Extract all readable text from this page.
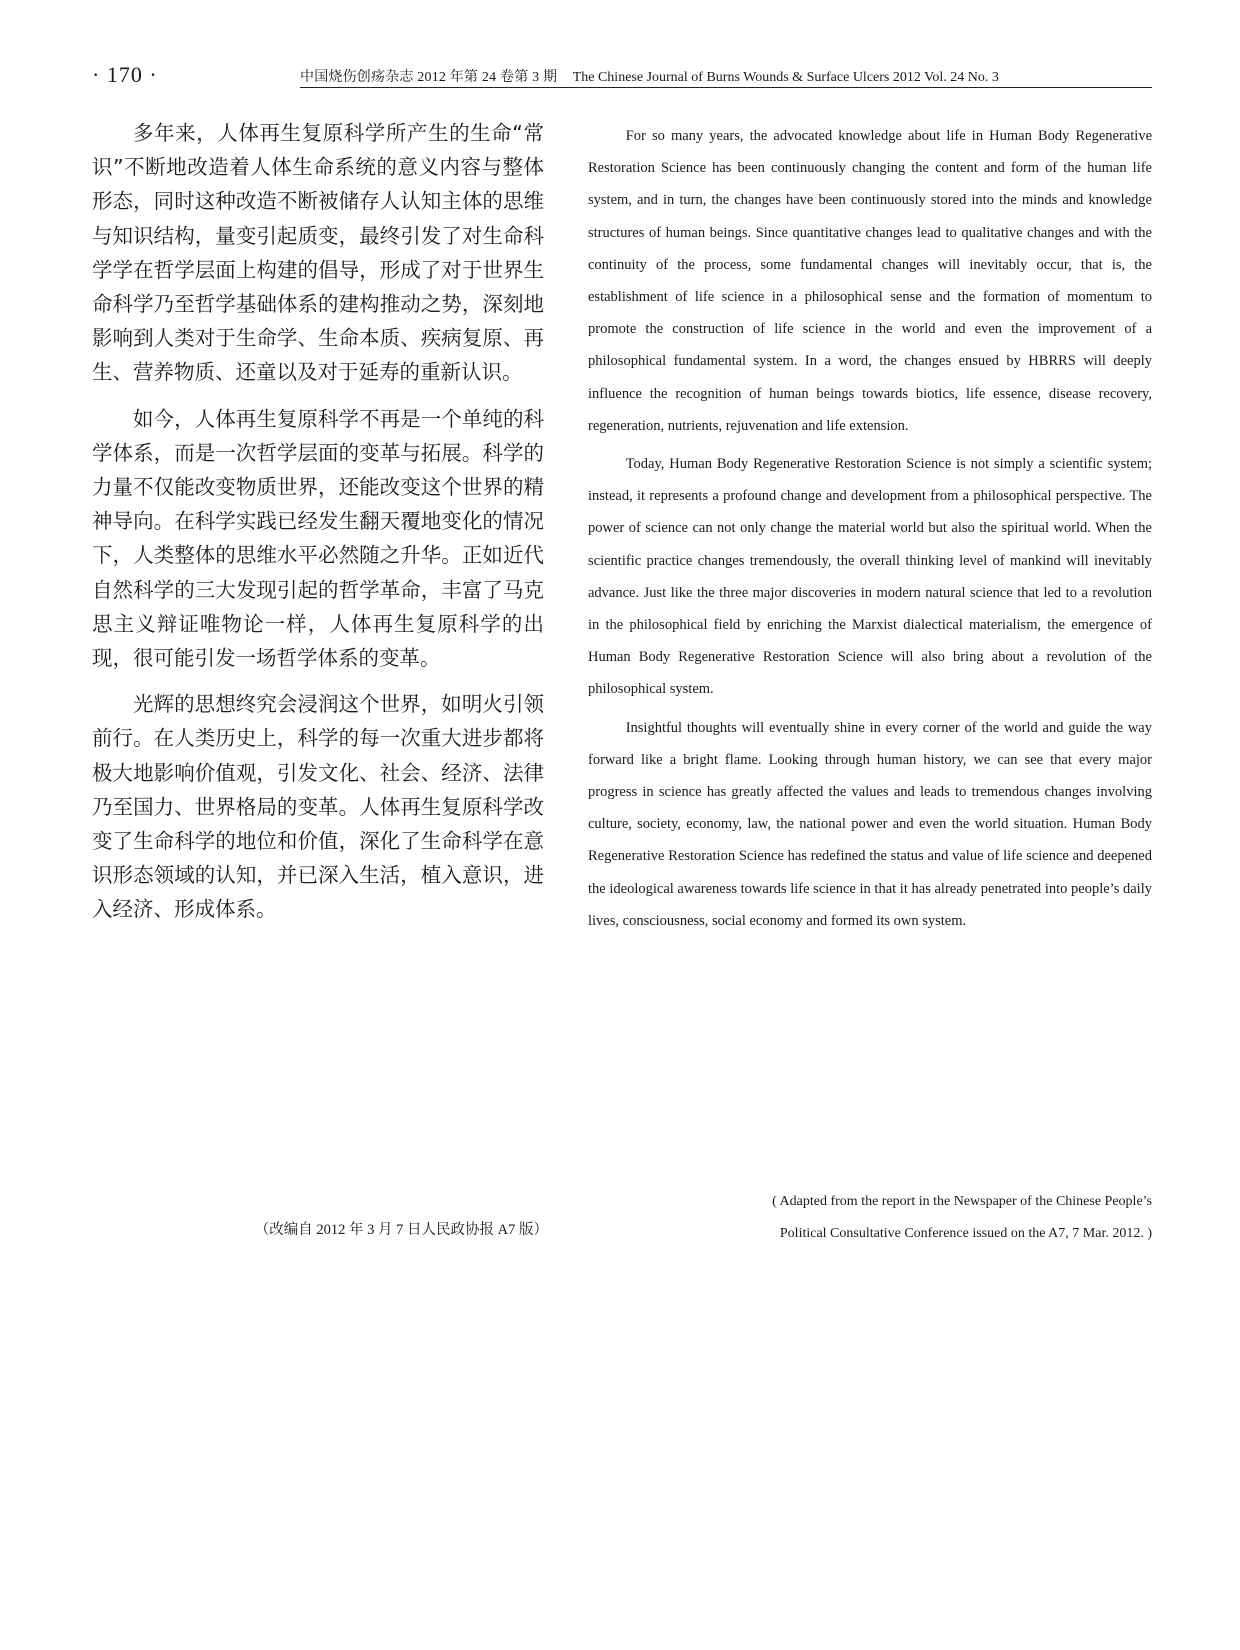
· 170 ·	中国烧伤创疡杂志 2012 年第 24 卷第 3 期 The Chinese Journal of Burns Wounds & Surface Ulcers 2012 Vol. 24 No. 3

多年来，人体再生复原科学所产生的生命“常识”不断地改造着人体生命系统的意义内容与整体形态，同时这种改造不断被储存人认知主体的思维与知识结构，量变引起质变，最终引发了对生命科学学在哲学层面上构建的倡导，形成了对于世界生命科学乃至哲学基础体系的建构推动之势，深刻地影响到人类对于生命学、生命本质、疾病复原、再生、营养物质、还童以及对于延寿的重新认识。

如今，人体再生复原科学不再是一个单纯的科学体系，而是一次哲学层面的变革与拓展。科学的力量不仅能改变物质世界，还能改变这个世界的精神导向。在科学实践已经发生翻天覆地变化的情况下，人类整体的思维水平必然随之升华。正如近代自然科学的三大发现引起的哲学革命，丰富了马克思主义辩证唯物论一样，人体再生复原科学的出现，很可能引发一场哲学体系的变革。

光辉的思想终究会浸润这个世界，如明火引领前行。在人类历史上，科学的每一次重大进步都将极大地影响价值观，引发文化、社会、经济、法律乃至国力、世界格局的变革。人体再生复原科学改变了生命科学的地位和价值，深化了生命科学在意识形态领域的认知，并已深入生活，植入意识，进入经济、形成体系。

For so many years, the advocated knowledge about life in Human Body Regenerative Restoration Science has been continuously changing the content and form of the human life system, and in turn, the changes have been continuously stored into the minds and knowledge structures of human beings. Since quantitative changes lead to qualitative changes and with the continuity of the process, some fundamental changes will inevitably occur, that is, the establishment of life science in a philosophical sense and the formation of momentum to promote the construction of life science in the world and even the improvement of a philosophical fundamental system. In a word, the changes ensued by HBRRS will deeply influence the recognition of human beings towards biotics, life essence, disease recovery, regeneration, nutrients, rejuvenation and life extension.

Today, Human Body Regenerative Restoration Science is not simply a scientific system; instead, it represents a profound change and development from a philosophical perspective. The power of science can not only change the material world but also the spiritual world. When the scientific practice changes tremendously, the overall thinking level of mankind will inevitably advance. Just like the three major discoveries in modern natural science that led to a revolution in the philosophical field by enriching the Marxist dialectical materialism, the emergence of Human Body Regenerative Restoration Science will also bring about a revolution of the philosophical system.

Insightful thoughts will eventually shine in every corner of the world and guide the way forward like a bright flame. Looking through human history, we can see that every major progress in science has greatly affected the values and leads to tremendous changes involving culture, society, economy, law, the national power and even the world situation. Human Body Regenerative Restoration Science has redefined the status and value of life science and deepened the ideological awareness towards life science in that it has already penetrated into people’s daily lives, consciousness, social economy and formed its own system.

（改编自 2012 年 3 月 7 日人民政协报 A7 版）
( Adapted from the report in the Newspaper of the Chinese People’s
Political Consultative Conference issued on the A7, 7 Mar. 2012. )
